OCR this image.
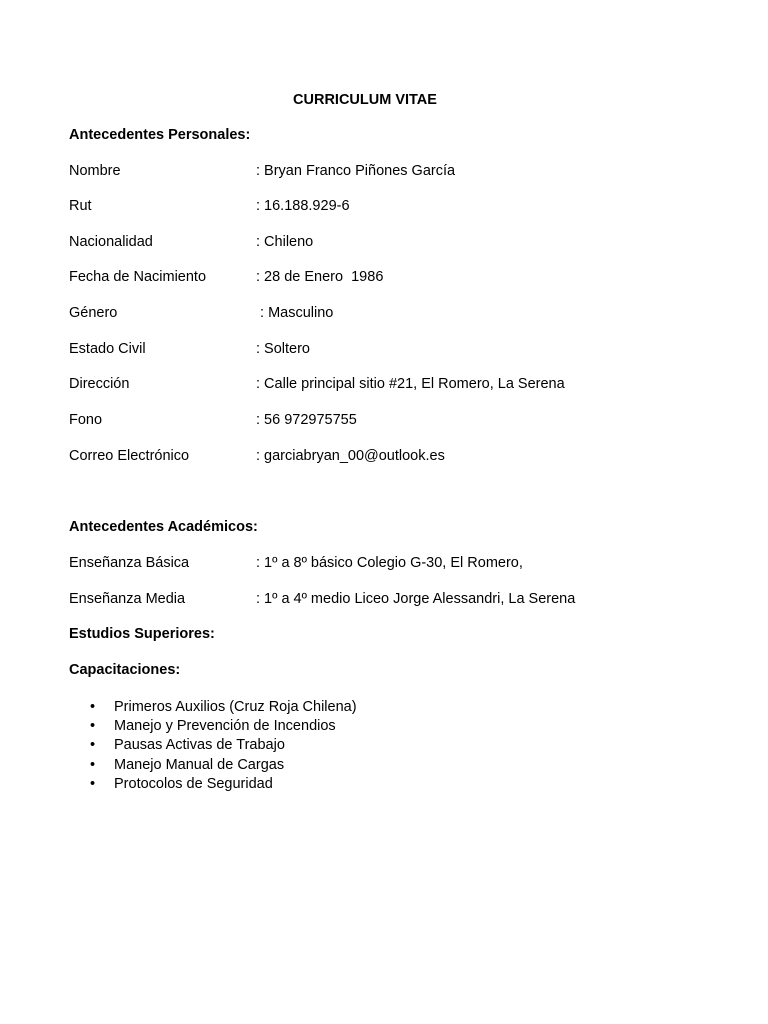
CURRICULUM VITAE
Antecedentes Personales:
Nombre	: Bryan Franco Piñones García
Rut	: 16.188.929-6
Nacionalidad	: Chileno
Fecha de Nacimiento	: 28 de Enero  1986
Género	: Masculino
Estado Civil	: Soltero
Dirección	: Calle principal sitio #21, El Romero, La Serena
Fono	: 56 972975755
Correo Electrónico	: garciabryan_00@outlook.es
Antecedentes Académicos:
Enseñanza Básica	: 1º a 8º básico Colegio G-30, El Romero,
Enseñanza Media	: 1º a 4º medio Liceo Jorge Alessandri, La Serena
Estudios Superiores:
Capacitaciones:
• Primeros Auxilios (Cruz Roja Chilena)
• Manejo y Prevención de Incendios
• Pausas Activas de Trabajo
• Manejo Manual de Cargas
• Protocolos de Seguridad
